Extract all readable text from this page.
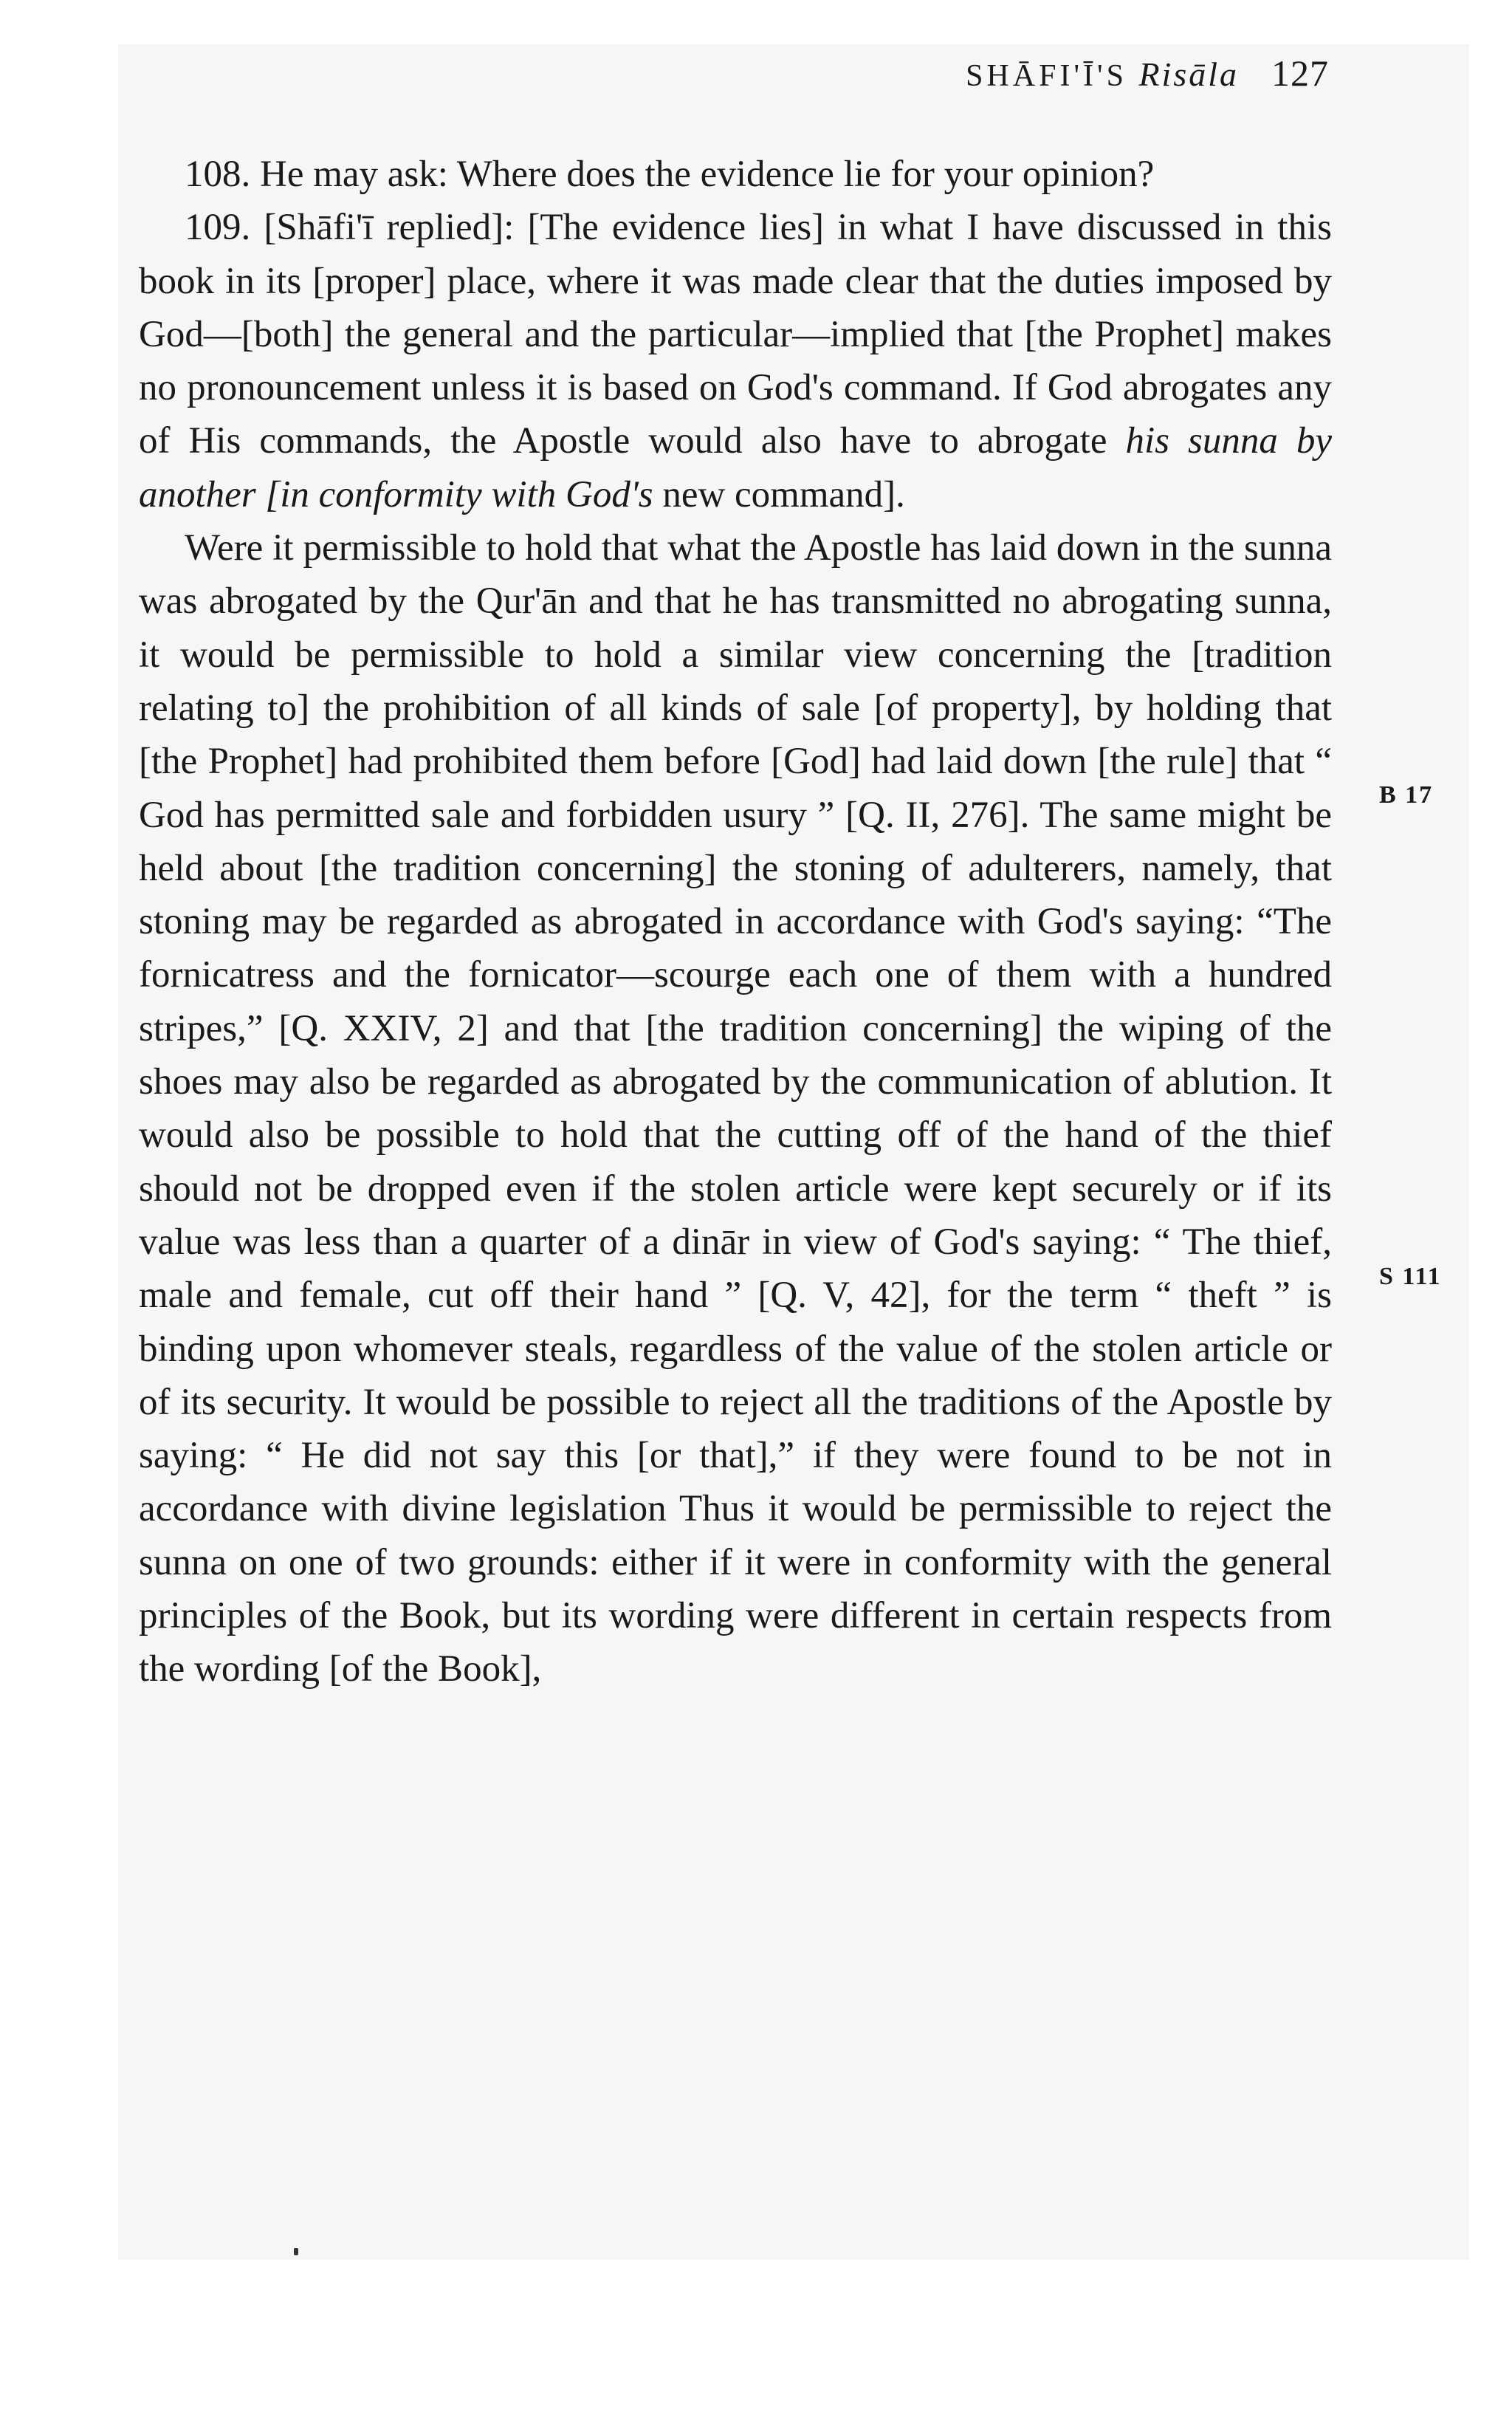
SHĀFI'Ī'S Risāla 127

108. He may ask: Where does the evidence lie for your opinion?

109. [Shāfi'ī replied]: [The evidence lies] in what I have discussed in this book in its [proper] place, where it was made clear that the duties imposed by God—[both] the general and the particular—implied that [the Prophet] makes no pronouncement unless it is based on God's command. If God abrogates any of His commands, the Apostle would also have to abrogate his sunna by another [in conformity with God's new command].

Were it permissible to hold that what the Apostle has laid down in the sunna was abrogated by the Qur'ān and that he has transmitted no abrogating sunna, it would be permissible to hold a similar view concerning the [tradition relating to] the prohibition of all kinds of sale [of property], by holding that [the Prophet] had prohibited them before [God] had laid down [the rule] that “ God has permitted sale and forbidden usury ” [Q. II, 276]. The same might be held about [the tradition concerning] the stoning of adulterers, namely, that stoning may be regarded as abrogated in accordance with God's saying: “The fornicatress and the fornicator—scourge each one of them with a hundred stripes,” [Q. XXIV, 2] and that [the tradition concerning] the wiping of the shoes may also be regarded as abrogated by the communication of ablution. It would also be possible to hold that the cutting off of the hand of the thief should not be dropped even if the stolen article were kept securely or if its value was less than a quarter of a dinār in view of God's saying: “ The thief, male and female, cut off their hand ” [Q. V, 42], for the term “ theft ” is binding upon whomever steals, regardless of the value of the stolen article or of its security. It would be possible to reject all the traditions of the Apostle by saying: “ He did not say this [or that],” if they were found to be not in accordance with divine legislation Thus it would be permissible to reject the sunna on one of two grounds: either if it were in conformity with the general principles of the Book, but its wording were different in certain respects from the wording [of the Book],

B 17
S 111
